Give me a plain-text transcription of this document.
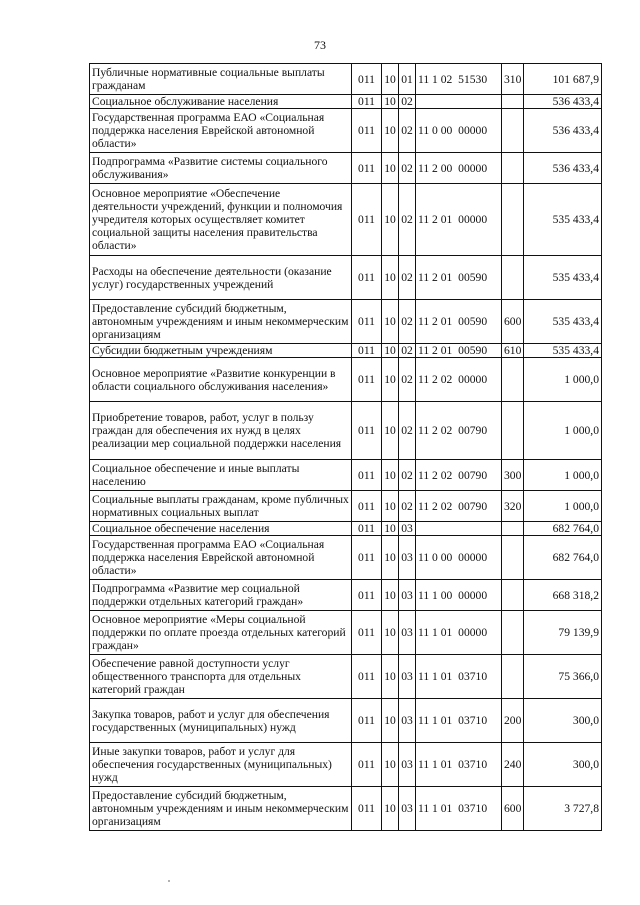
73
Публичные нормативные социальные выплаты гражданам	011	10	01	11 1 02  51530	310	101 687,9
Социальное обслуживание населения	011	10	02			536 433,4
Государственная программа ЕАО «Социальная поддержка населения Еврейской автономной области»	011	10	02	11 0 00  00000		536 433,4
Подпрограмма «Развитие системы социального обслуживания»	011	10	02	11 2 00  00000		536 433,4
Основное мероприятие «Обеспечение деятельности учреждений, функции и полномочия учредителя которых осуществляет комитет социальной защиты населения правительства области»	011	10	02	11 2 01  00000		535 433,4
Расходы на обеспечение деятельности (оказание услуг) государственных учреждений	011	10	02	11 2 01  00590		535 433,4
Предоставление субсидий бюджетным, автономным учреждениям и иным некоммерческим организациям	011	10	02	11 2 01  00590	600	535 433,4
Субсидии бюджетным учреждениям	011	10	02	11 2 01  00590	610	535 433,4
Основное мероприятие «Развитие конкуренции в области социального обслуживания населения»	011	10	02	11 2 02  00000		1 000,0
Приобретение товаров, работ, услуг в пользу граждан для обеспечения их нужд в целях реализации мер социальной поддержки населения	011	10	02	11 2 02  00790		1 000,0
Социальное обеспечение и иные выплаты населению	011	10	02	11 2 02  00790	300	1 000,0
Социальные выплаты гражданам, кроме публичных нормативных социальных выплат	011	10	02	11 2 02  00790	320	1 000,0
Социальное обеспечение населения	011	10	03			682 764,0
Государственная программа ЕАО «Социальная поддержка населения Еврейской автономной области»	011	10	03	11 0 00  00000		682 764,0
Подпрограмма «Развитие мер социальной поддержки отдельных категорий граждан»	011	10	03	11 1 00  00000		668 318,2
Основное мероприятие «Меры социальной поддержки по оплате проезда отдельных категорий граждан»	011	10	03	11 1 01  00000		79 139,9
Обеспечение равной доступности услуг общественного транспорта для отдельных категорий граждан	011	10	03	11 1 01  03710		75 366,0
Закупка товаров, работ и услуг для обеспечения государственных (муниципальных) нужд	011	10	03	11 1 01  03710	200	300,0
Иные закупки товаров, работ и услуг для обеспечения государственных (муниципальных) нужд	011	10	03	11 1 01  03710	240	300,0
Предоставление субсидий бюджетным, автономным учреждениям и иным некоммерческим организациям	011	10	03	11 1 01  03710	600	3 727,8
